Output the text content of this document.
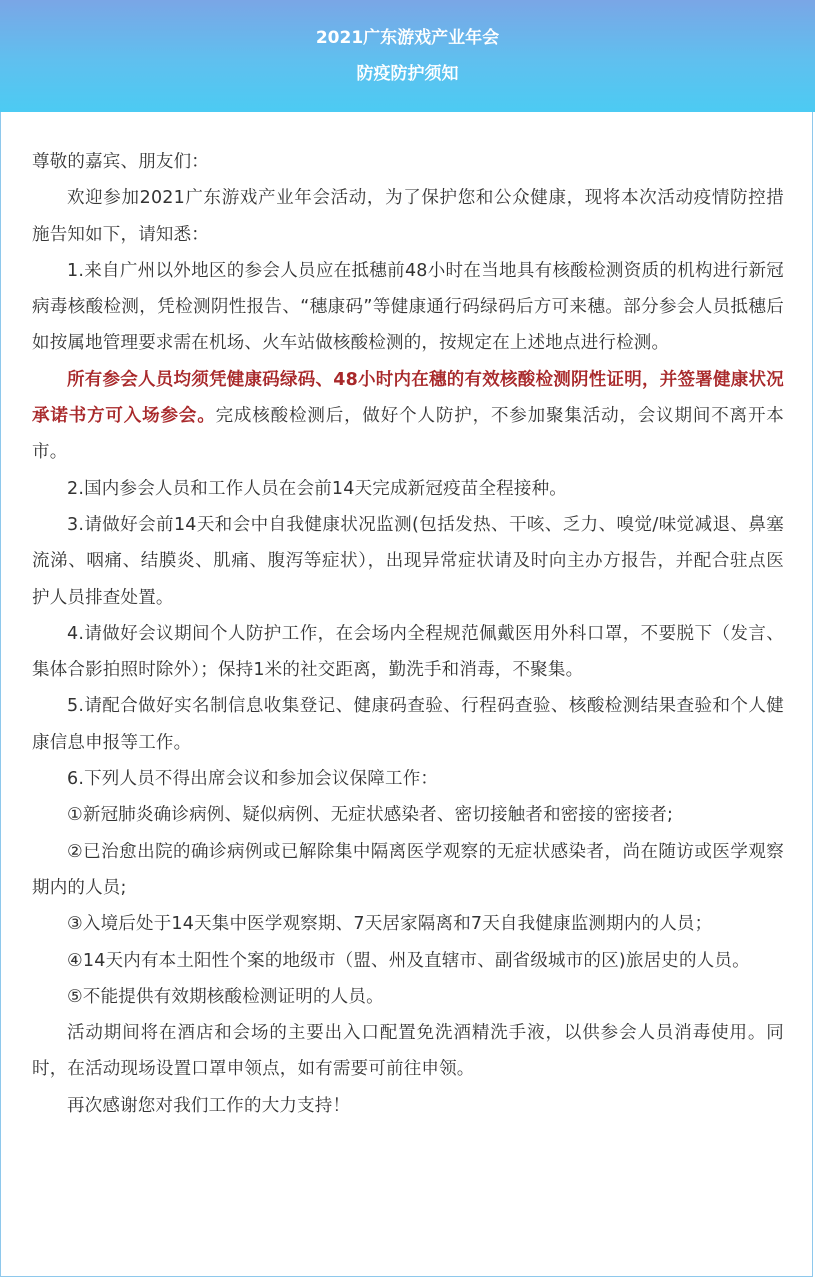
2021广东游戏产业年会
防疫防护须知

尊敬的嘉宾、朋友们：

欢迎参加2021广东游戏产业年会活动，为了保护您和公众健康，现将本次活动疫情防控措施告知如下，请知悉：

1.来自广州以外地区的参会人员应在抵穗前48小时在当地具有核酸检测资质的机构进行新冠病毒核酸检测，凭检测阴性报告、“穗康码”等健康通行码绿码后方可来穗。部分参会人员抵穗后如按属地管理要求需在机场、火车站做核酸检测的，按规定在上述地点进行检测。

所有参会人员均须凭健康码绿码、48小时内在穗的有效核酸检测阴性证明，并签署健康状况承诺书方可入场参会。完成核酸检测后，做好个人防护，不参加聚集活动，会议期间不离开本市。

2.国内参会人员和工作人员在会前14天完成新冠疫苗全程接种。

3.请做好会前14天和会中自我健康状况监测(包括发热、干咳、乏力、嗅觉/味觉减退、鼻塞流涕、咽痛、结膜炎、肌痛、腹泻等症状），出现异常症状请及时向主办方报告，并配合驻点医护人员排查处置。

4.请做好会议期间个人防护工作，在会场内全程规范佩戴医用外科口罩，不要脱下（发言、集体合影拍照时除外）；保持1米的社交距离，勤洗手和消毒，不聚集。

5.请配合做好实名制信息收集登记、健康码查验、行程码查验、核酸检测结果查验和个人健康信息申报等工作。

6.下列人员不得出席会议和参加会议保障工作：

①新冠肺炎确诊病例、疑似病例、无症状感染者、密切接触者和密接的密接者;

②已治愈出院的确诊病例或已解除集中隔离医学观察的无症状感染者，尚在随访或医学观察期内的人员;

③入境后处于14天集中医学观察期、7天居家隔离和7天自我健康监测期内的人员；

④14天内有本土阳性个案的地级市（盟、州及直辖市、副省级城市的区)旅居史的人员。

⑤不能提供有效期核酸检测证明的人员。

活动期间将在酒店和会场的主要出入口配置免洗酒精洗手液，以供参会人员消毒使用。同时，在活动现场设置口罩申领点，如有需要可前往申领。

再次感谢您对我们工作的大力支持！
